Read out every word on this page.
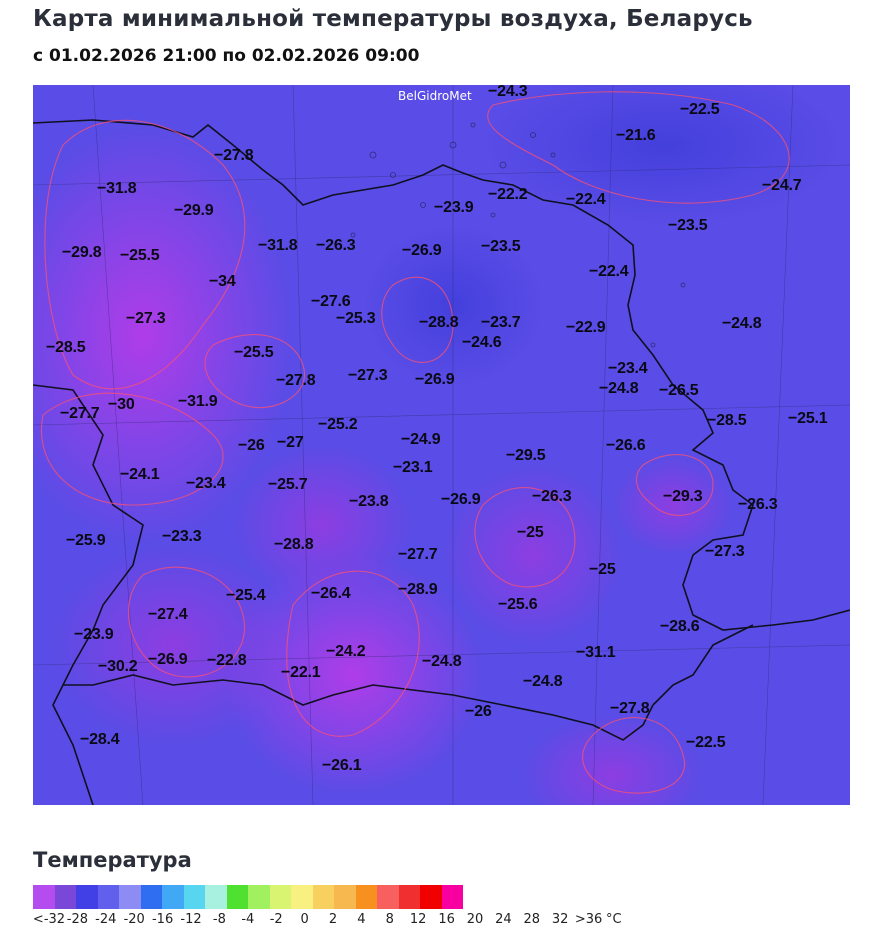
Карта минимальной температуры воздуха, Беларусь
с 01.02.2026 21:00 по 02.02.2026 09:00
BelGidroMet −24.3
−22.5
−21.6
−24.7
−27.8
−31.8
−29.9	−23.9
−22.2 −22.4
−23.5
−29.8 −25.5
−31.8 −26.3	−26.9 −23.5
−22.4
−34
−27.3
−27.6
−25.3	−28.8 −23.7	−22.9	−24.8
−28.5	−24.6
−25.5
−27.8 −27.3 −26.9
−23.4
−30
−27.7
−31.9
−24.8 −26.5
−25.2
−24.9
−28.5	−25.1
−26 −27
−29.5
−26.6
−23.1
−24.1
−23.4	−25.7
−23.8	−26.9	−26.3	−29.3 −26.3
−25.9	−23.3	−25
−28.8
−27.7	−27.3
−25
−25.4	−26.4	−28.9
−25.6
−27.4
−28.6
−23.9
−24.2	−31.1
−26.9 −22.8	−24.8
−30.2	−22.1
−24.8
−26	−27.8
−28.4	−22.5
−26.1
Температура
<-32 -28 -24 -20 -16 -12 -8 -4 -2 0 2 4 8 12 16 20 24 28 32 >36 °C
